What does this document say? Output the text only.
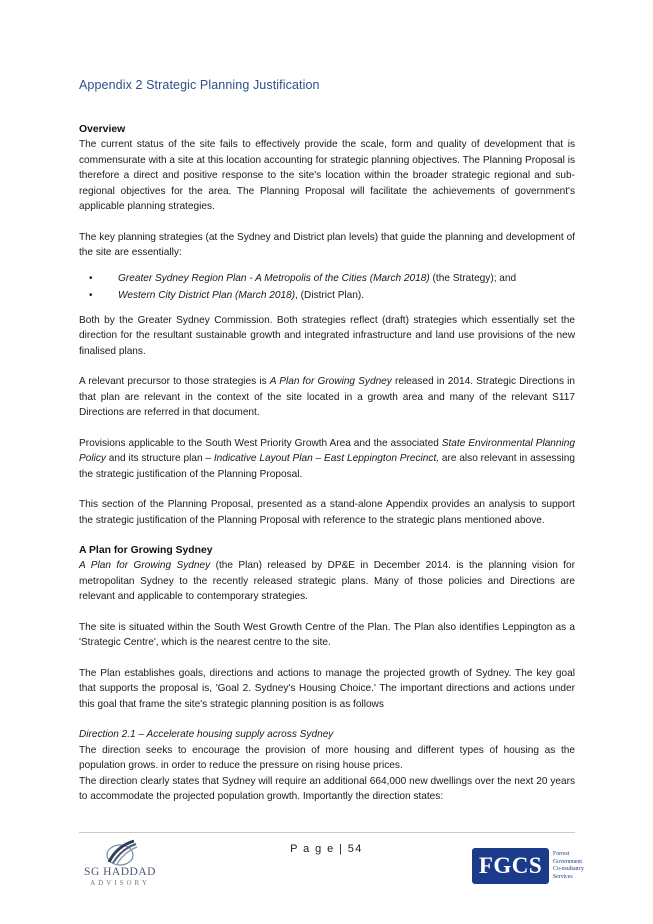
Appendix 2 Strategic Planning Justification
Overview

The current status of the site fails to effectively provide the scale, form and quality of development that is commensurate with a site at this location accounting for strategic planning objectives. The Planning Proposal is therefore a direct and positive response to the site's location within the broader strategic regional and sub-regional objectives for the area. The Planning Proposal will facilitate the achievements of government's applicable planning strategies.

The key planning strategies (at the Sydney and District plan levels) that guide the planning and development of the site are essentially:

•	Greater Sydney Region Plan - A Metropolis of the Cities (March 2018) (the Strategy); and
•	Western City District Plan (March 2018), (District Plan).

Both by the Greater Sydney Commission. Both strategies reflect (draft) strategies which essentially set the direction for the resultant sustainable growth and integrated infrastructure and land use provisions of the new finalised plans.

A relevant precursor to those strategies is A Plan for Growing Sydney released in 2014. Strategic Directions in that plan are relevant in the context of the site located in a growth area and many of the relevant S117 Directions are referred in that document.

Provisions applicable to the South West Priority Growth Area and the associated State Environmental Planning Policy and its structure plan – Indicative Layout Plan – East Leppington Precinct, are also relevant in assessing the strategic justification of the Planning Proposal.

This section of the Planning Proposal, presented as a stand-alone Appendix provides an analysis to support the strategic justification of the Planning Proposal with reference to the strategic plans mentioned above.

A Plan for Growing Sydney

A Plan for Growing Sydney (the Plan) released by DP&E in December 2014. is the planning vision for metropolitan Sydney to the recently released strategic plans. Many of those policies and Directions are relevant and applicable to contemporary strategies.

The site is situated within the South West Growth Centre of the Plan. The Plan also identifies Leppington as a 'Strategic Centre', which is the nearest centre to the site.

The Plan establishes goals, directions and actions to manage the projected growth of Sydney. The key goal that supports the proposal is, 'Goal 2. Sydney's Housing Choice.' The important directions and actions under this goal that frame the site's strategic planning position is as follows

Direction 2.1 – Accelerate housing supply across Sydney

The direction seeks to encourage the provision of more housing and different types of housing as the population grows. in order to reduce the pressure on rising house prices.

The direction clearly states that Sydney will require an additional 664,000 new dwellings over the next 20 years to accommodate the projected population growth. Importantly the direction states:

P a g e | 54
SG HADDAD
ADVISORY
FGCS Forrest
Government
Co-nsultancy
Services
